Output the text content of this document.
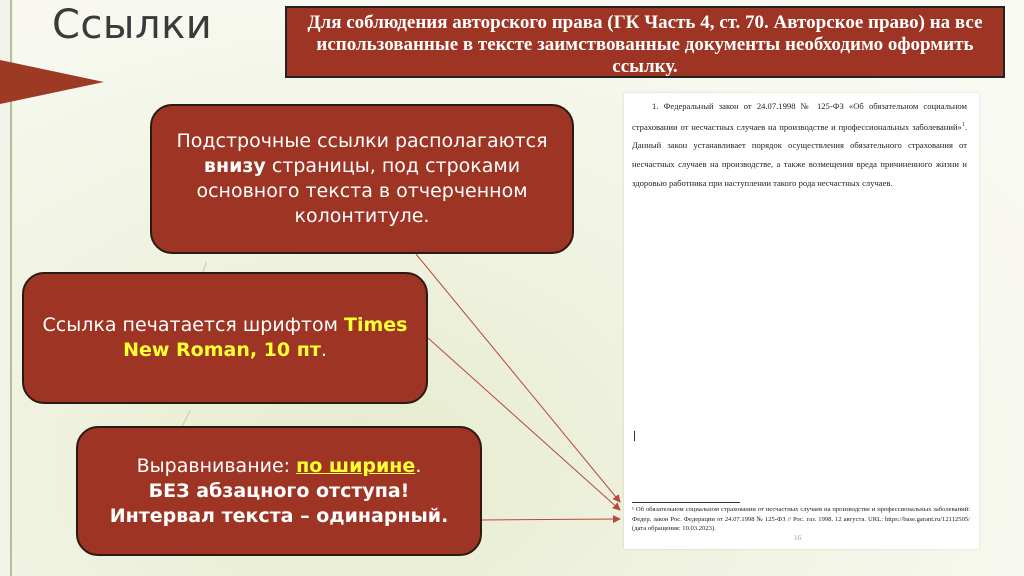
Ссылки	Для соблюдения авторского права (ГК Часть 4, ст. 70. Авторское право) на все использованные в тексте заимствованные документы необходимо оформить ссылку.
Подстрочные ссылки располагаются внизу страницы, под строками основного текста в отчерченном колонтитуле.
Ссылка печатается шрифтом Times New Roman, 10 пт.
Выравнивание: по ширине.
БЕЗ абзацного отступа!
Интервал текста – одинарный.

1. Федеральный закон от 24.07.1998 № 125-ФЗ «Об обязательном социальном страховании от несчастных случаев на производстве и профессиональных заболеваний»$^1$. Данный закон устанавливает порядок осуществления обязательного страхования от несчастных случаев на производстве, а также возмещения вреда причиненного жизни и здоровью работника при наступлении такого рода несчастных случаев.

¹ Об обязательном социальном страховании от несчастных случаев на производстве и профессиональных заболеваний: Федер. закон Рос. Федерации от 24.07.1998 № 125-ФЗ // Рос. газ. 1998. 12 августа. URL: https://base.garant.ru/12112505/ (дата обращения: 10.03.2023).

16
